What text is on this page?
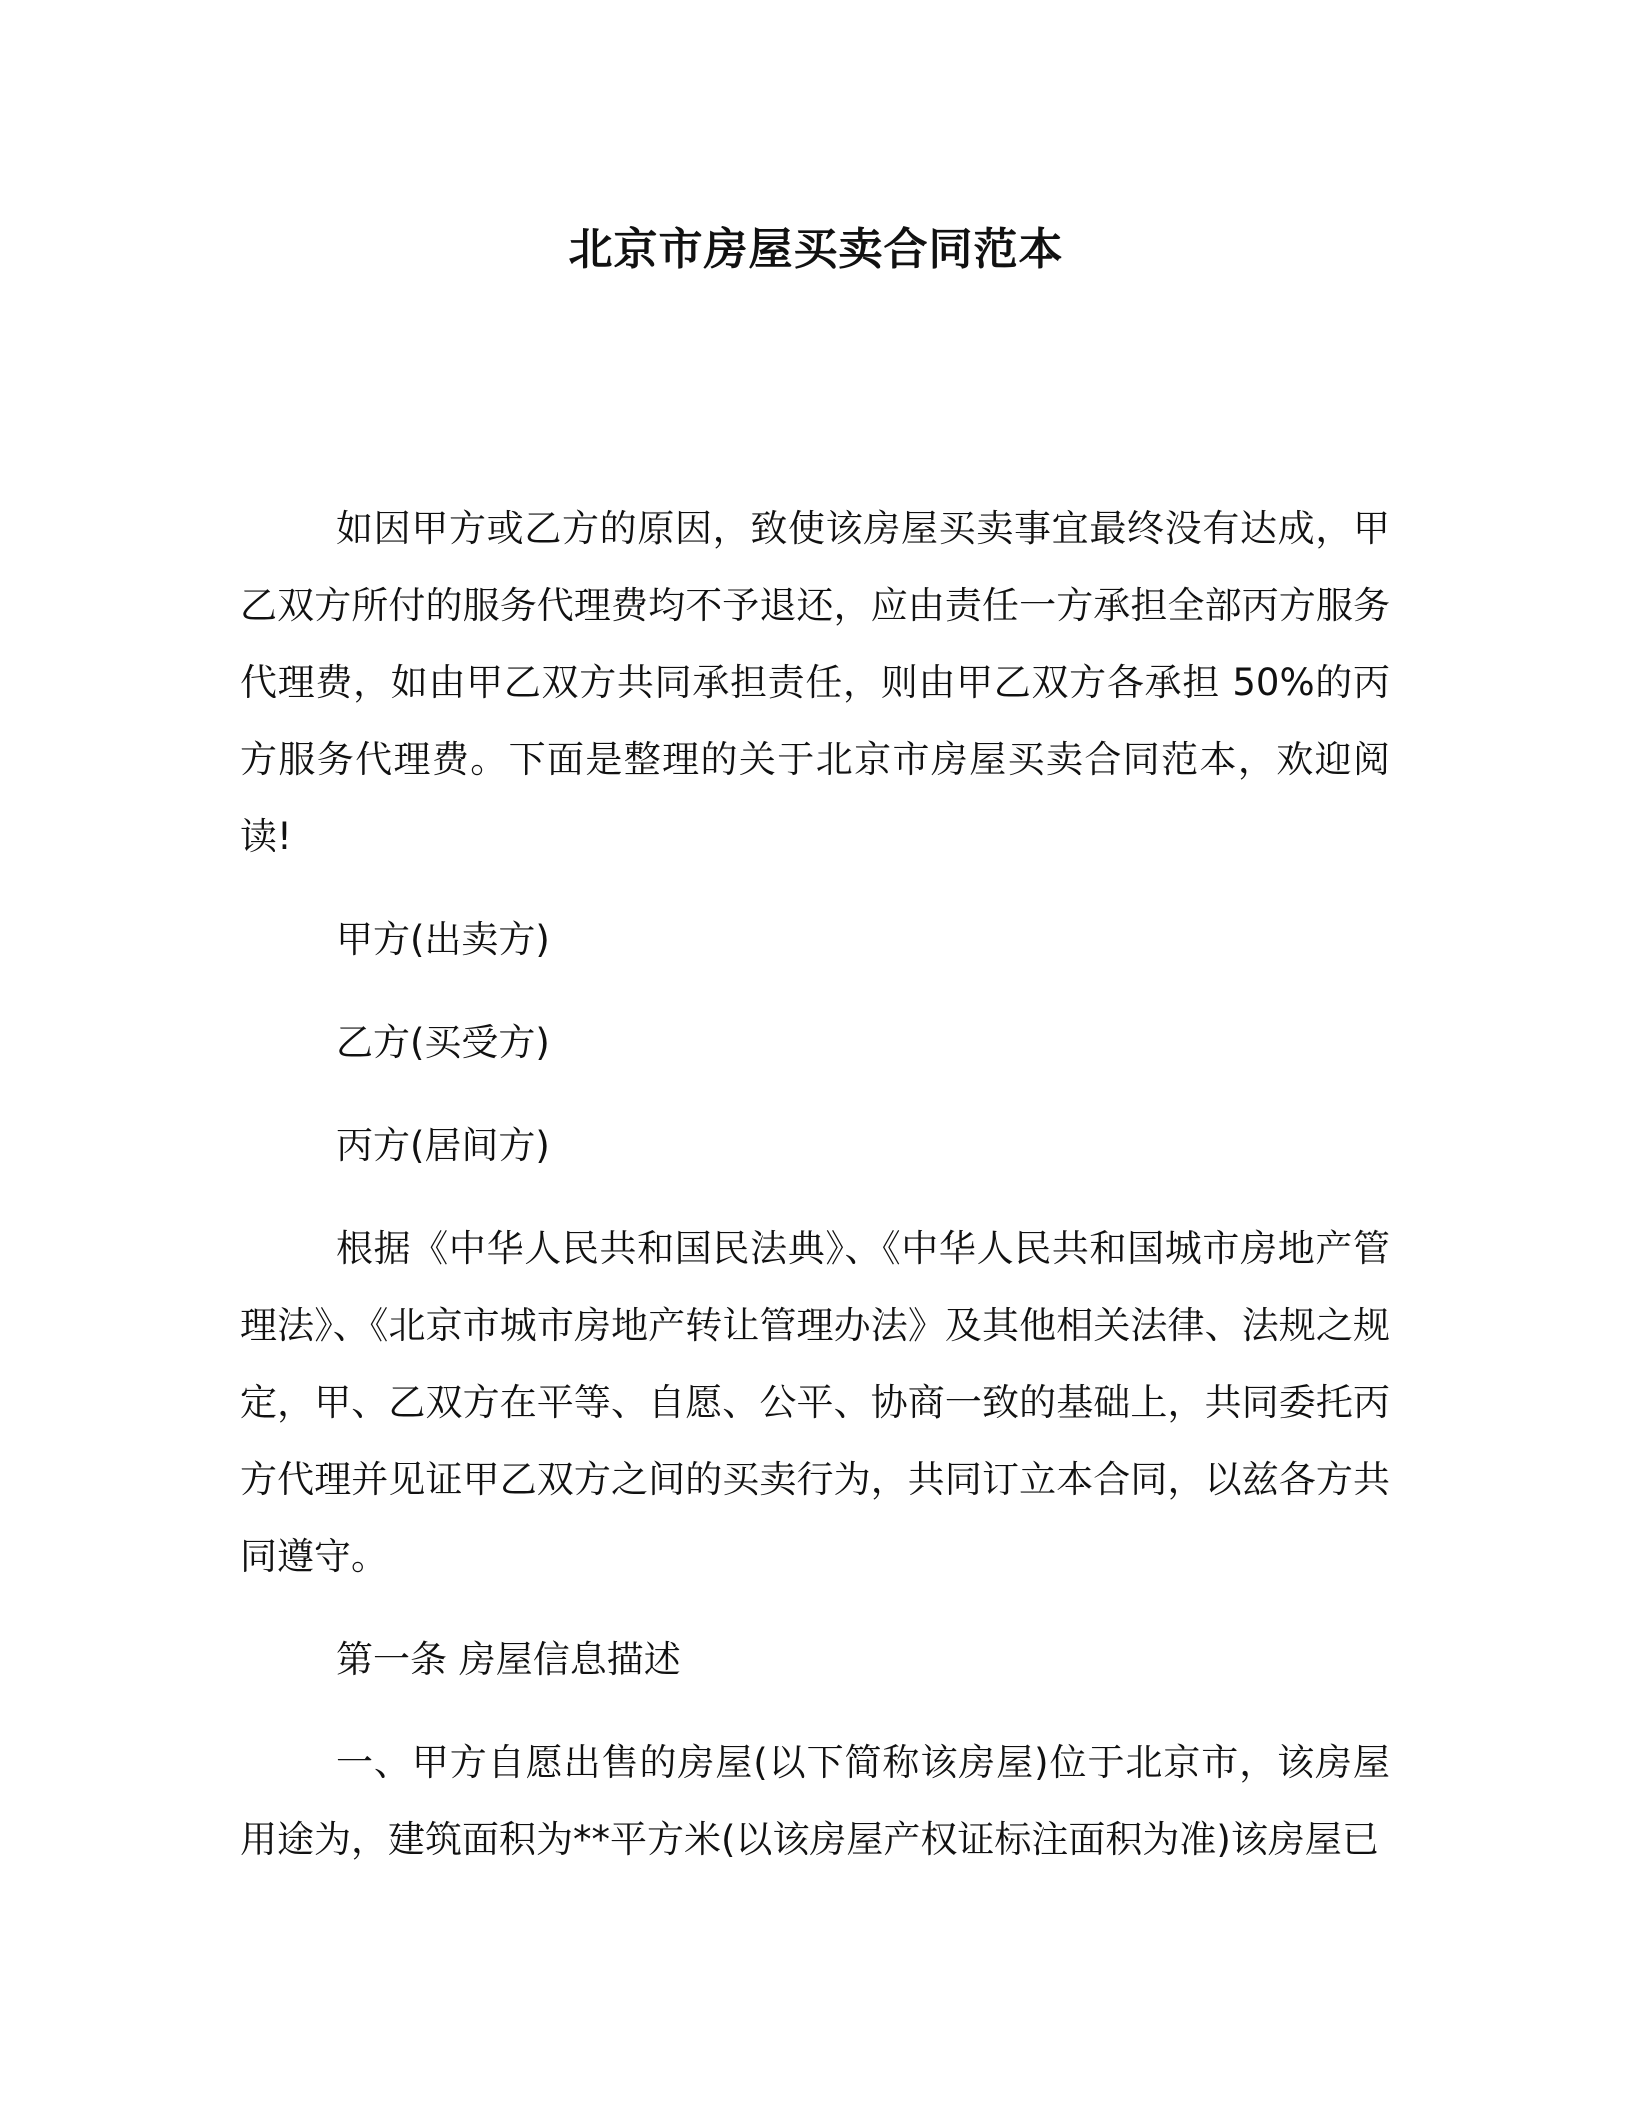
北京市房屋买卖合同范本

如因甲方或乙方的原因，致使该房屋买卖事宜最终没有达成，甲乙双方所付的服务代理费均不予退还，应由责任一方承担全部丙方服务代理费，如由甲乙双方共同承担责任，则由甲乙双方各承担 50%的丙方服务代理费。下面是整理的关于北京市房屋买卖合同范本，欢迎阅读!

甲方(出卖方)

乙方(买受方)

丙方(居间方)

根据《中华人民共和国民法典》、《中华人民共和国城市房地产管理法》、《北京市城市房地产转让管理办法》及其他相关法律、法规之规定，甲、乙双方在平等、自愿、公平、协商一致的基础上，共同委托丙方代理并见证甲乙双方之间的买卖行为，共同订立本合同，以兹各方共同遵守。

第一条 房屋信息描述

一、甲方自愿出售的房屋(以下简称该房屋)位于北京市，该房屋用途为，建筑面积为**平方米(以该房屋产权证标注面积为准)该房屋已
